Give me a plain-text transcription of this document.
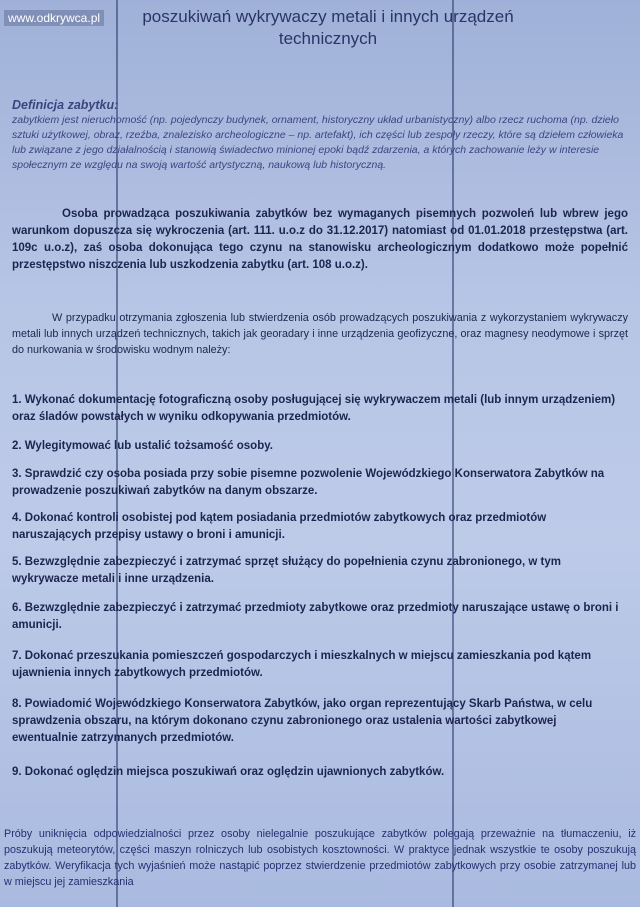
www.odkrywca.pl	poszukiwań wykrywaczy metali i innych urządzeń technicznych
Definicja zabytku:
zabytkiem jest nieruchomość (np. pojedynczy budynek, ornament, historyczny układ urbanistyczny) albo rzecz ruchoma (np. dzieło sztuki użytkowej, obraz, rzeźba, znalezisko archeologiczne – np. artefakt), ich części lub zespoły rzeczy, które są dziełem człowieka lub związane z jego działalnością i stanowią świadectwo minionej epoki bądź zdarzenia, a których zachowanie leży w interesie społecznym ze względu na swoją wartość artystyczną, naukową lub historyczną.
Osoba prowadząca poszukiwania zabytków bez wymaganych pisemnych pozwoleń lub wbrew jego warunkom dopuszcza się wykroczenia (art. 111. u.o.z do 31.12.2017) natomiast od 01.01.2018 przestępstwa (art. 109c u.o.z), zaś osoba dokonująca tego czynu na stanowisku archeologicznym dodatkowo może popełnić przestępstwo niszczenia lub uszkodzenia zabytku (art. 108 u.o.z).
W przypadku otrzymania zgłoszenia lub stwierdzenia osób prowadzących poszukiwania z wykorzystaniem wykrywaczy metali lub innych urządzeń technicznych, takich jak georadary i inne urządzenia geofizyczne, oraz magnesy neodymowe i sprzęt do nurkowania w środowisku wodnym należy:
1. Wykonać dokumentację fotograficzną osoby posługującej się wykrywaczem metali (lub innym urządzeniem) oraz śladów powstałych w wyniku odkopywania przedmiotów.
2. Wylegitymować lub ustalić tożsamość osoby.
3. Sprawdzić czy osoba posiada przy sobie pisemne pozwolenie Wojewódzkiego Konserwatora Zabytków na prowadzenie poszukiwań zabytków na danym obszarze.
4. Dokonać kontroli osobistej pod kątem posiadania przedmiotów zabytkowych oraz przedmiotów naruszających przepisy ustawy o broni i amunicji.
5. Bezwzględnie zabezpieczyć i zatrzymać sprzęt służący do popełnienia czynu zabronionego, w tym wykrywacze metali i inne urządzenia.
6. Bezwzględnie zabezpieczyć i zatrzymać przedmioty zabytkowe oraz przedmioty naruszające ustawę o broni i amunicji.
7. Dokonać przeszukania pomieszczeń gospodarczych i mieszkalnych w miejscu zamieszkania pod kątem ujawnienia innych zabytkowych przedmiotów.
8. Powiadomić Wojewódzkiego Konserwatora Zabytków, jako organ reprezentujący Skarb Państwa, w celu sprawdzenia obszaru, na którym dokonano czynu zabronionego oraz ustalenia wartości zabytkowej ewentualnie zatrzymanych przedmiotów.
9. Dokonać oględzin miejsca poszukiwań oraz oględzin ujawnionych zabytków.
Próby uniknięcia odpowiedzialności przez osoby nielegalnie poszukujące zabytków polegają przeważnie na tłumaczeniu, iż poszukują meteorytów, części maszyn rolniczych lub osobistych kosztowności. W praktyce jednak wszystkie te osoby poszukują zabytków. Weryfikacja tych wyjaśnień może nastąpić poprzez stwierdzenie przedmiotów zabytkowych przy osobie zatrzymanej lub w miejscu jej zamieszkania
